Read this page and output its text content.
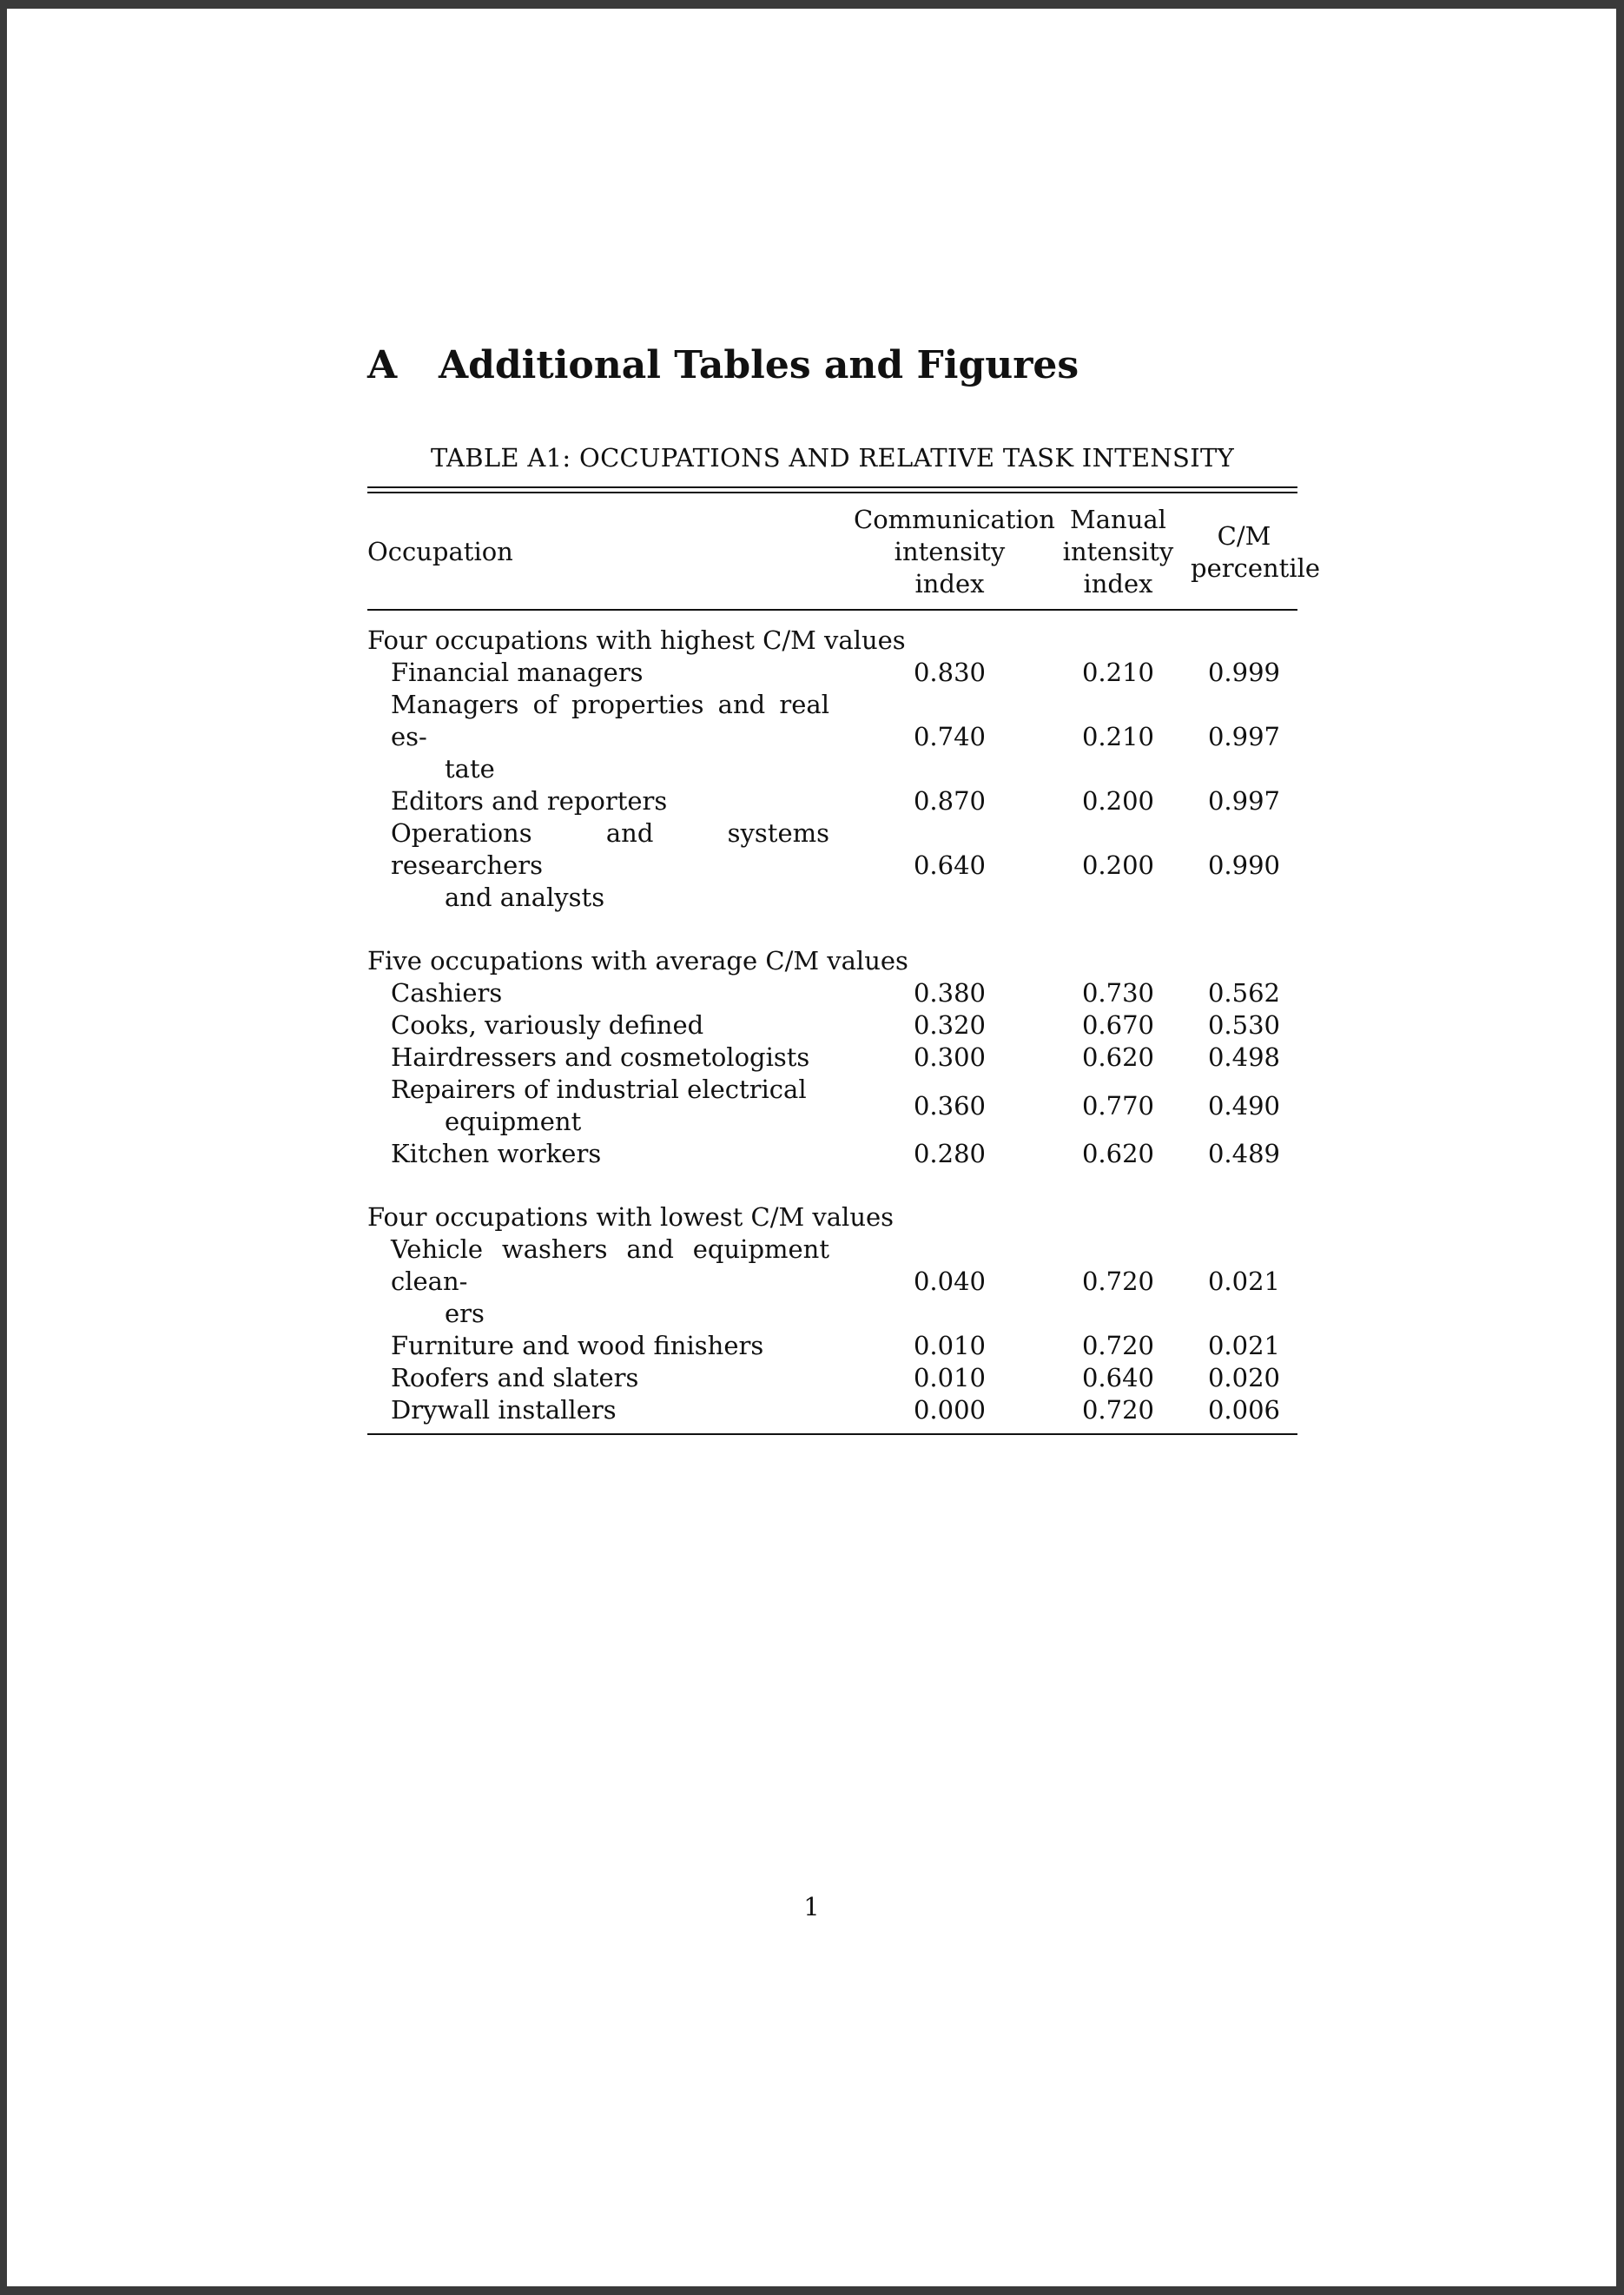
A Additional Tables and Figures
TABLE A1: OCCUPATIONS AND RELATIVE TASK INTENSITY
Occupation	Communication
intensity
index	Manual
intensity
index	C/M
percentile

Four occupations with highest C/M values			

Financial managers	0.830	0.210	0.999

Managers of properties and real es-
tate	0.740	0.210	0.997

Editors and reporters	0.870	0.200	0.997

Operations and systems researchers
and analysts	0.640	0.200	0.990

Five occupations with average C/M values			

Cashiers	0.380	0.730	0.562

Cooks, variously defined	0.320	0.670	0.530

Hairdressers and cosmetologists	0.300	0.620	0.498

Repairers of industrial electrical
equipment	0.360	0.770	0.490

Kitchen workers	0.280	0.620	0.489

Four occupations with lowest C/M values			

Vehicle washers and equipment clean-
ers	0.040	0.720	0.021

Furniture and wood finishers	0.010	0.720	0.021

Roofers and slaters	0.010	0.640	0.020

Drywall installers	0.000	0.720	0.006
1
